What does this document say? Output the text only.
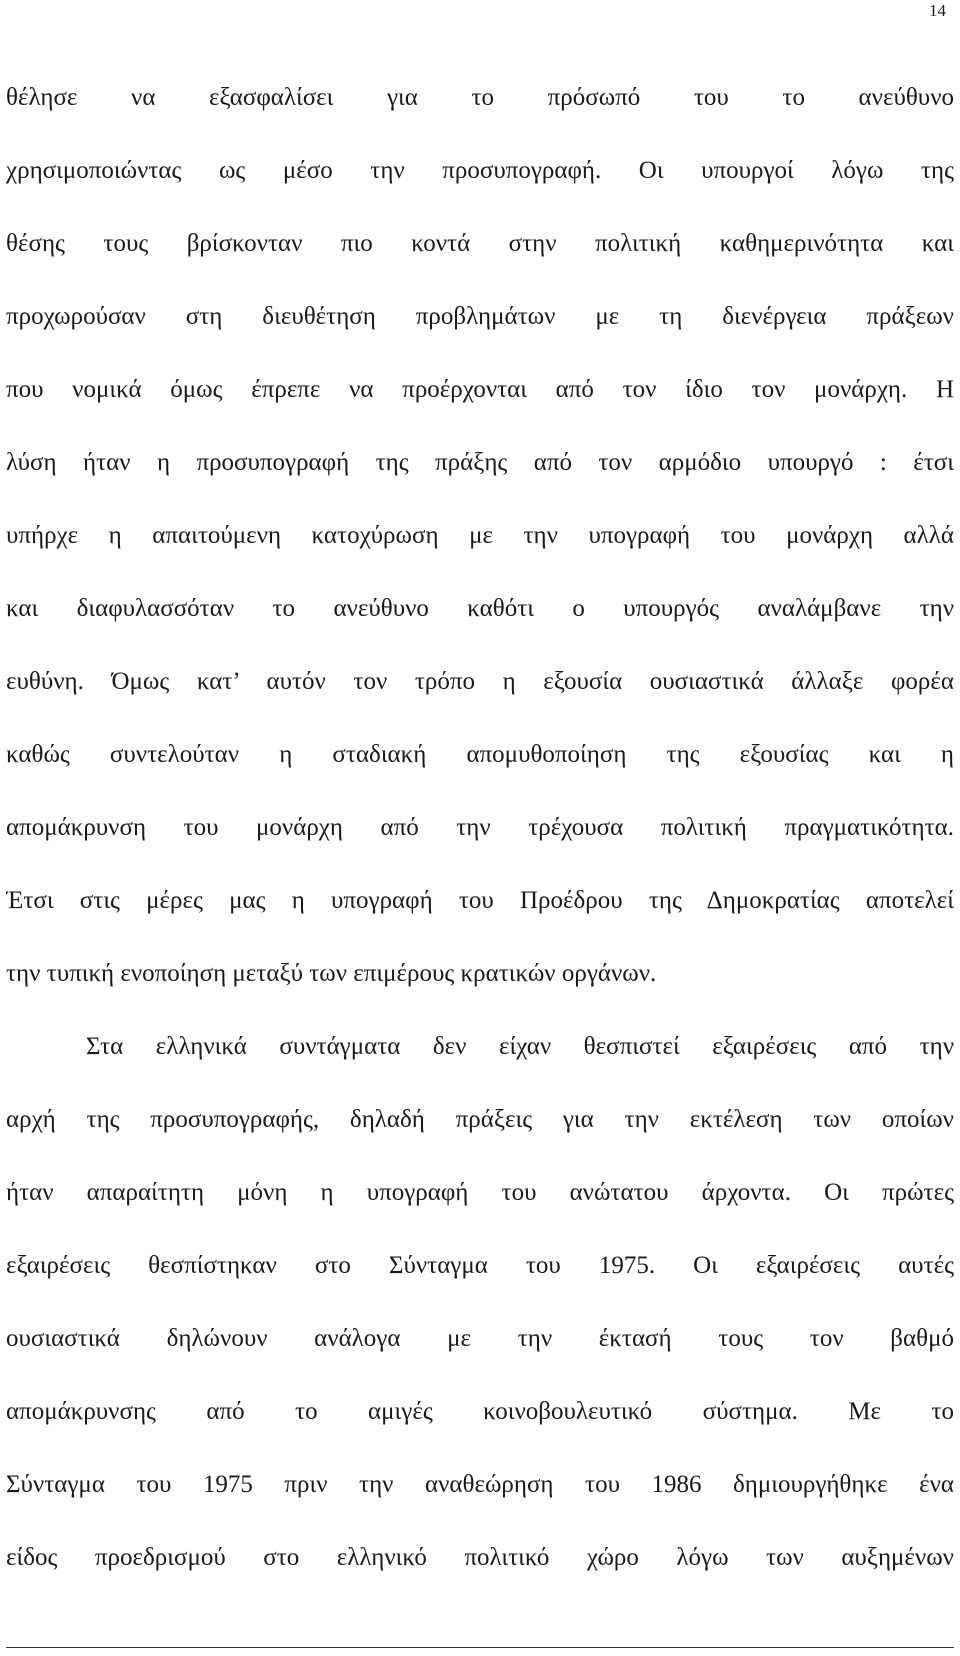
14
θέλησε να εξασφαλίσει για το πρόσωπό του το ανεύθυνο
χρησιμοποιώντας ως μέσο την προσυπογραφή. Οι υπουργοί λόγω της
θέσης τους βρίσκονταν πιο κοντά στην πολιτική καθημερινότητα και
προχωρούσαν στη διευθέτηση προβλημάτων με τη διενέργεια πράξεων
που νομικά όμως έπρεπε να προέρχονται από τον ίδιο τον μονάρχη. Η
λύση ήταν η προσυπογραφή της πράξης από τον αρμόδιο υπουργό : έτσι
υπήρχε η απαιτούμενη κατοχύρωση με την υπογραφή του μονάρχη αλλά
και διαφυλασσόταν το ανεύθυνο καθότι ο υπουργός αναλάμβανε την
ευθύνη. Όμως κατ’ αυτόν τον τρόπο η εξουσία ουσιαστικά άλλαξε φορέα
καθώς συντελούταν η σταδιακή απομυθοποίηση της εξουσίας και η
απομάκρυνση του μονάρχη από την τρέχουσα πολιτική πραγματικότητα.
Έτσι στις μέρες μας η υπογραφή του Προέδρου της Δημοκρατίας αποτελεί
την τυπική ενοποίηση μεταξύ των επιμέρους κρατικών οργάνων.
Στα ελληνικά συντάγματα δεν είχαν θεσπιστεί εξαιρέσεις από την
αρχή της προσυπογραφής, δηλαδή πράξεις για την εκτέλεση των οποίων
ήταν απαραίτητη μόνη η υπογραφή του ανώτατου άρχοντα. Οι πρώτες
εξαιρέσεις θεσπίστηκαν στο Σύνταγμα του 1975. Οι εξαιρέσεις αυτές
ουσιαστικά δηλώνουν ανάλογα με την έκτασή τους τον βαθμό
απομάκρυνσης από το αμιγές κοινοβουλευτικό σύστημα. Με το
Σύνταγμα του 1975 πριν την αναθεώρηση του 1986 δημιουργήθηκε ένα
είδος προεδρισμού στο ελληνικό πολιτικό χώρο λόγω των αυξημένων
